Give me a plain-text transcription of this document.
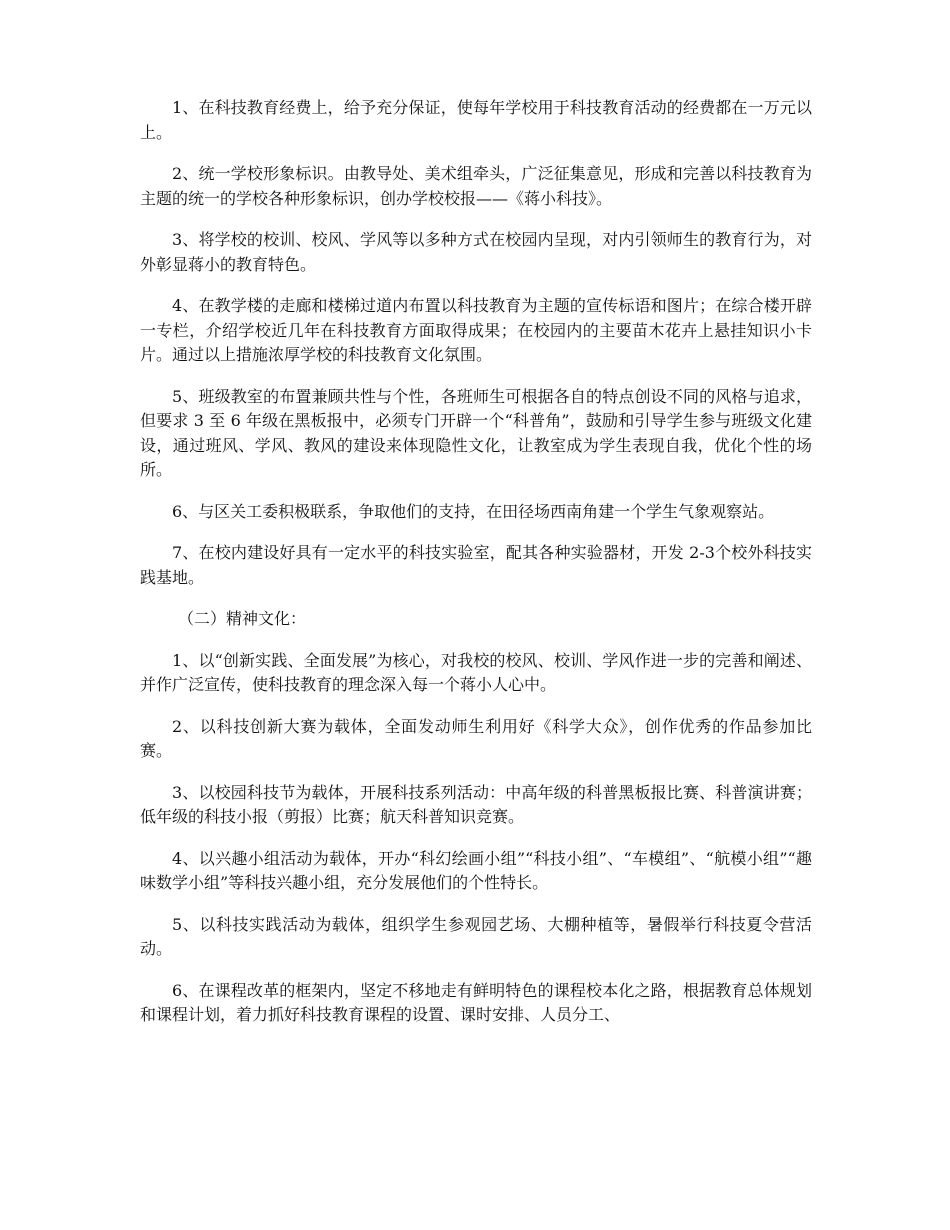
1、在科技教育经费上，给予充分保证，使每年学校用于科技教育活动的经费都在一万元以上。

2、统一学校形象标识。由教导处、美术组牵头，广泛征集意见，形成和完善以科技教育为主题的统一的学校各种形象标识，创办学校校报——《蒋小科技》。

3、将学校的校训、校风、学风等以多种方式在校园内呈现，对内引领师生的教育行为，对外彰显蒋小的教育特色。

4、在教学楼的走廊和楼梯过道内布置以科技教育为主题的宣传标语和图片；在综合楼开辟一专栏，介绍学校近几年在科技教育方面取得成果；在校园内的主要苗木花卉上悬挂知识小卡片。通过以上措施浓厚学校的科技教育文化氛围。

5、班级教室的布置兼顾共性与个性，各班师生可根据各自的特点创设不同的风格与追求，但要求 3 至 6 年级在黑板报中，必须专门开辟一个“科普角”，鼓励和引导学生参与班级文化建设，通过班风、学风、教风的建设来体现隐性文化，让教室成为学生表现自我，优化个性的场所。

6、与区关工委积极联系，争取他们的支持，在田径场西南角建一个学生气象观察站。

7、在校内建设好具有一定水平的科技实验室，配其各种实验器材，开发 2-3个校外科技实践基地。

（二）精神文化：

1、以“创新实践、全面发展”为核心，对我校的校风、校训、学风作进一步的完善和阐述、并作广泛宣传，使科技教育的理念深入每一个蒋小人心中。

2、以科技创新大赛为载体，全面发动师生利用好《科学大众》，创作优秀的作品参加比赛。

3、以校园科技节为载体，开展科技系列活动：中高年级的科普黑板报比赛、科普演讲赛；低年级的科技小报（剪报）比赛；航天科普知识竞赛。

4、以兴趣小组活动为载体，开办“科幻绘画小组”“科技小组”、“车模组”、“航模小组”“趣味数学小组”等科技兴趣小组，充分发展他们的个性特长。

5、以科技实践活动为载体，组织学生参观园艺场、大棚种植等，暑假举行科技夏令营活动。

6、在课程改革的框架内，坚定不移地走有鲜明特色的课程校本化之路，根据教育总体规划和课程计划，着力抓好科技教育课程的设置、课时安排、人员分工、
